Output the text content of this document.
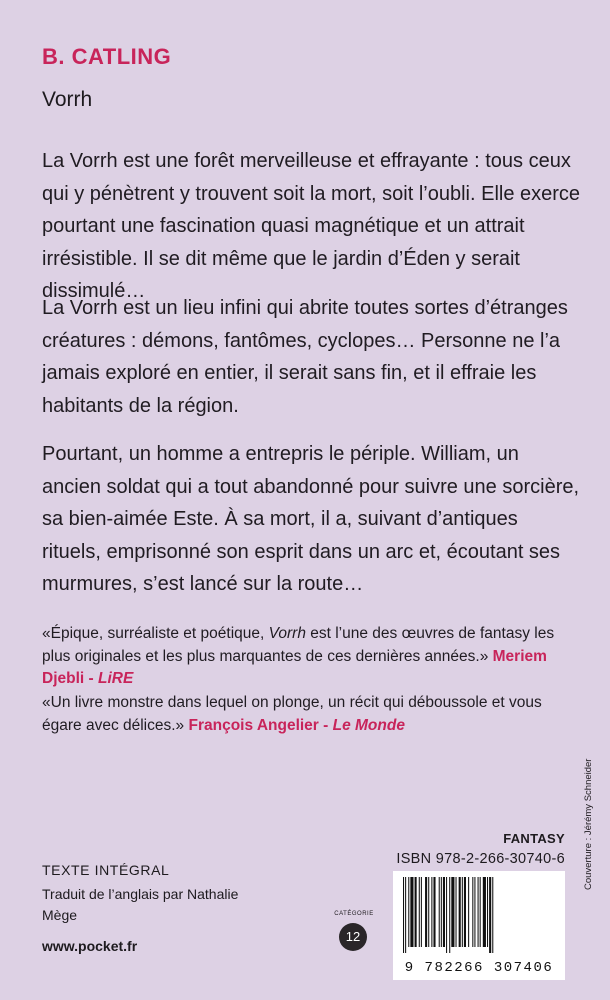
B. CATLING
Vorrh

La Vorrh est une forêt merveilleuse et effrayante : tous ceux qui y pénètrent y trouvent soit la mort, soit l’oubli. Elle exerce pourtant une fascination quasi magnétique et un attrait irrésistible. Il se dit même que le jardin d’Éden y serait dissimulé…

La Vorrh est un lieu infini qui abrite toutes sortes d’étranges créatures : démons, fantômes, cyclopes… Personne ne l’a jamais exploré en entier, il serait sans fin, et il effraie les habitants de la région.

Pourtant, un homme a entrepris le périple. William, un ancien soldat qui a tout abandonné pour suivre une sorcière, sa bien-aimée Este. À sa mort, il a, suivant d’antiques rituels, emprisonné son esprit dans un arc et, écoutant ses murmures, s’est lancé sur la route…

«Épique, surréaliste et poétique, Vorrh est l’une des œuvres de fantasy les plus originales et les plus marquantes de ces dernières années.» Meriem Djebli - LiRE

«Un livre monstre dans lequel on plonge, un récit qui déboussole et vous égare avec délices.» François Angelier - Le Monde

TEXTE INTÉGRAL
Traduit de l’anglais par Nathalie Mège
www.pocket.fr
CATÉGORIE
12
FANTASY
ISBN 978-2-266-30740-6
9 782266 307406
Couverture : Jérémy Schneider
